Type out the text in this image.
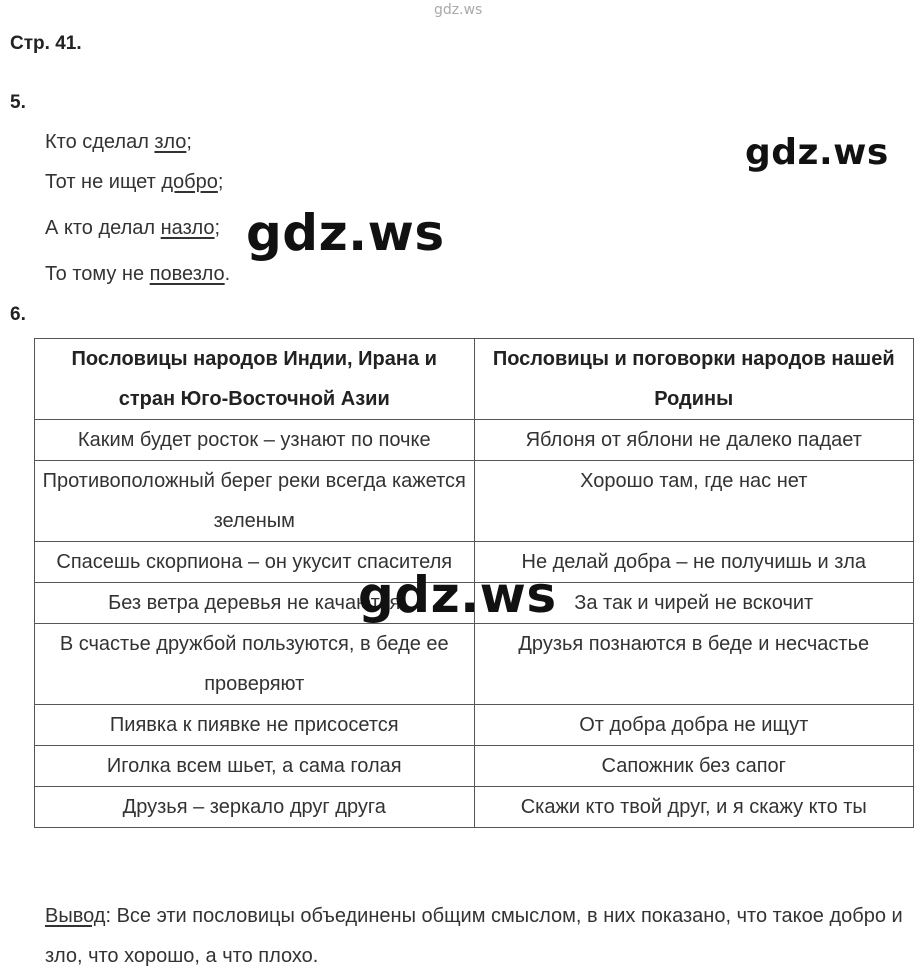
gdz.ws
Стр. 41.
5.
Кто сделал зло;
Тот не ищет добро;
А кто делал назло;
То тому не повезло.
gdz.ws
gdz.ws
6.
Пословицы народов Индии, Ирана и стран Юго-Восточной Азии	Пословицы и поговорки народов нашей Родины
Каким будет росток – узнают по почке	Яблоня от яблони не далеко падает
Противоположный берег реки всегда кажется зеленым	Хорошо там, где нас нет
Спасешь скорпиона – он укусит спасителя	Не делай добра – не получишь и зла
Без ветра деревья не качаются	За так и чирей не вскочит
В счастье дружбой пользуются, в беде ее проверяют	Друзья познаются в беде и несчастье
Пиявка к пиявке не присосется	От добра добра не ищут
Иголка всем шьет, а сама голая	Сапожник без сапог
Друзья – зеркало друг друга	Скажи кто твой друг, и я скажу кто ты
gdz.ws
Вывод: Все эти пословицы объединены общим смыслом, в них показано, что такое добро и зло, что хорошо, а что плохо.
